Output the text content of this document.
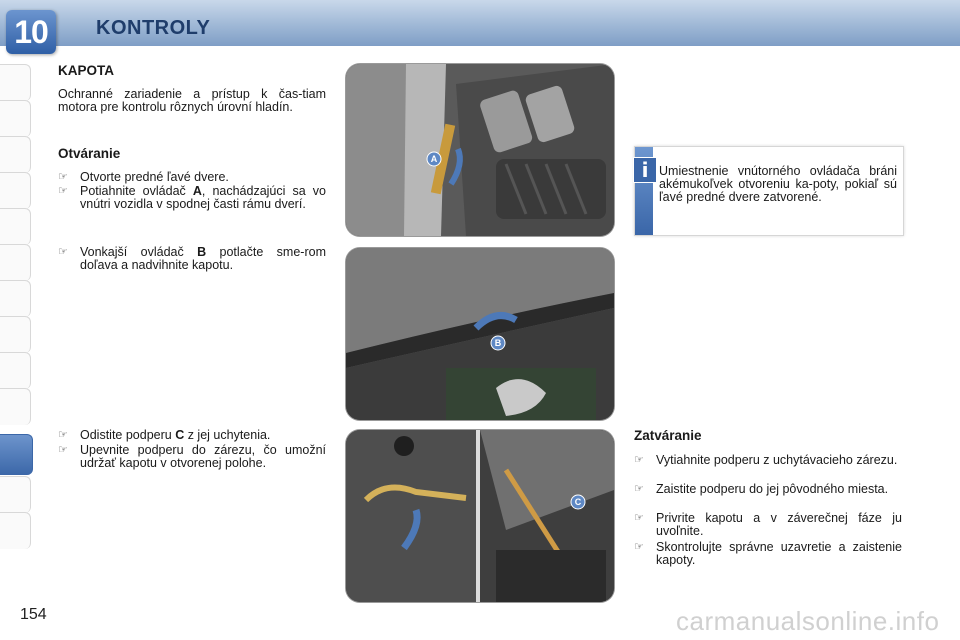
10	KONTROLY
154
KAPOTA
Ochranné zariadenie a prístup k čas-tiam motora pre kontrolu rôznych úrovní hladín.
Otváranie
☞ Otvorte predné ľavé dvere.
☞ Potiahnite ovládač A, nachádzajúci sa vo vnútri vozidla v spodnej časti rámu dverí.
☞ Vonkajší ovládač B potlačte sme-rom doľava a nadvihnite kapotu.
☞ Odistite podperu C z jej uchytenia.
☞ Upevnite podperu do zárezu, čo umožní udržať kapotu v otvorenej polohe.
A
B
C
i Umiestnenie vnútorného ovládača bráni akémukoľvek otvoreniu ka-poty, pokiaľ sú ľavé predné dvere zatvorené.
Zatváranie
☞ Vytiahnite podperu z uchytávacieho zárezu.
☞ Zaistite podperu do jej pôvodného miesta.
☞ Privrite kapotu a v záverečnej fáze ju uvoľnite.
☞ Skontrolujte správne uzavretie a zaistenie kapoty.
carmanualsonline.info
